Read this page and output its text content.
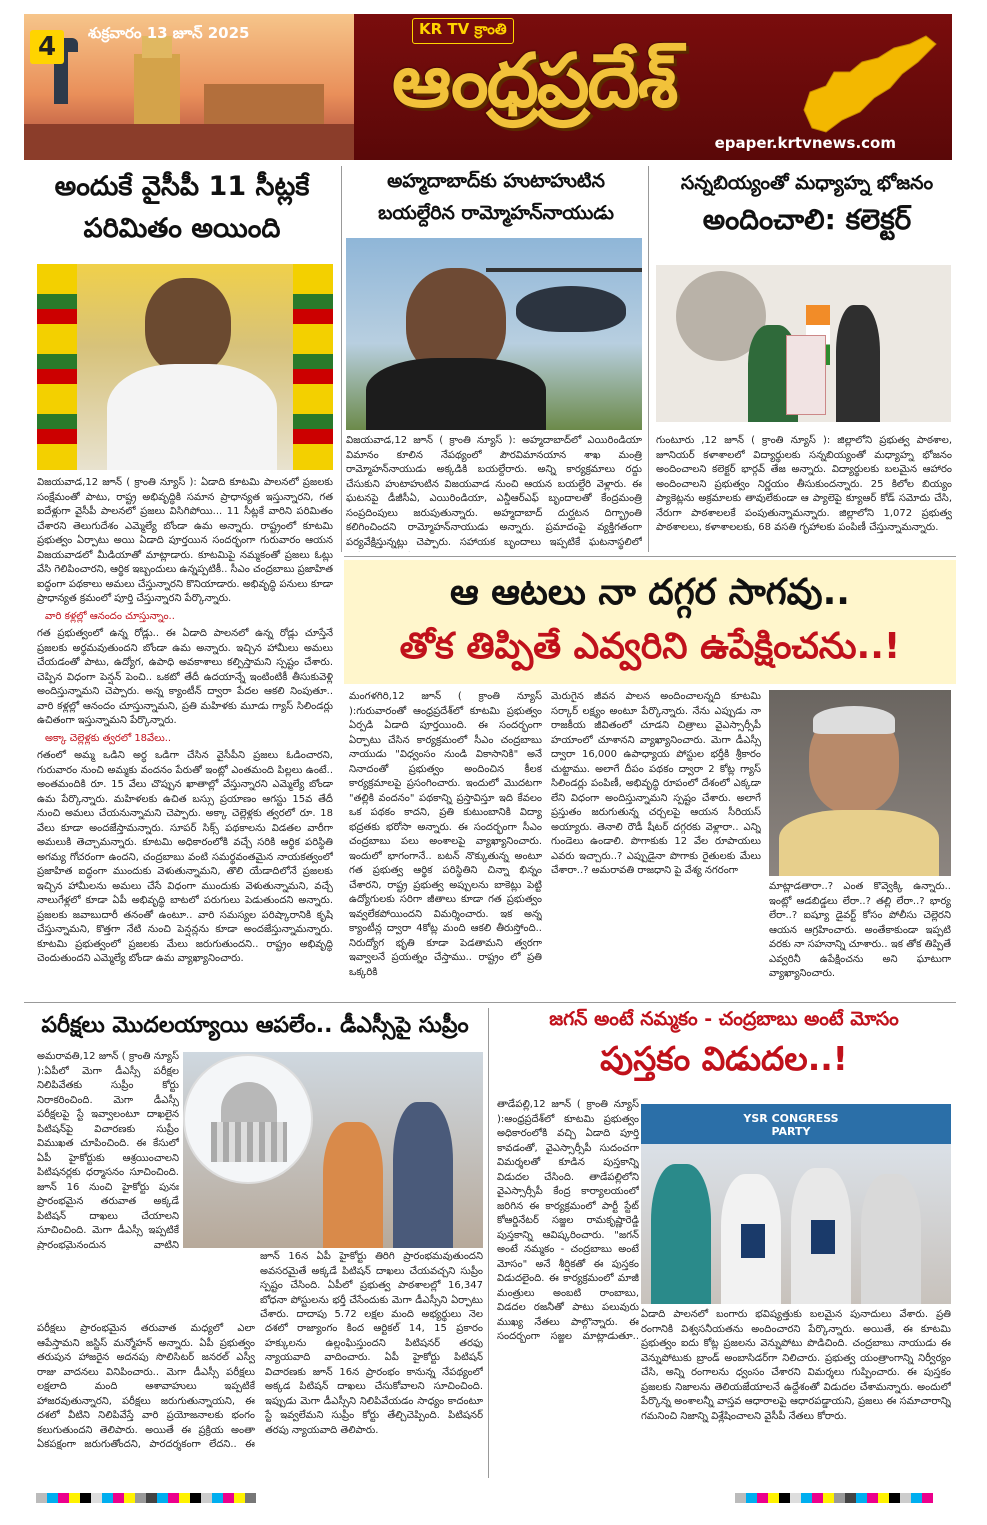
4	శుక్రవారం 13 జూన్ 2025	KR TV క్రాంతి
ఆంధ్రప్రదేశ్
epaper.krtvnews.com
అందుకే వైసీపీ 11 సీట్లకే
పరిమితం అయింది
విజయవాడ,12 జూన్ ( క్రాంతి న్యూస్ ): ఏడాది కూటమి పాలనలో ప్రజలకు సంక్షేమంతో పాటు, రాష్ట్ర అభివృద్ధికి సమాన ప్రాధాన్యత ఇస్తున్నారని, గత ఐదేళ్లుగా వైసీపీ పాలనలో ప్రజలు విసిగిపోయి... 11 సీట్లకే వారిని పరిమితం చేశారని తెలుగుదేశం ఎమ్మెల్యే బోండా ఉమ అన్నారు. రాష్ట్రంలో కూటమి ప్రభుత్వం ఏర్పాటు అయి ఏడాది పూర్తయిన సందర్భంగా గురువారం ఆయన విజయవాడలో మీడియాతో మాట్లాడారు. కూటమిపై నమ్మకంతో ప్రజలు ఓట్లు వేసి గెలిపించారని, ఆర్థిక ఇబ్బందులు ఉన్నప్పటికీ.. సీఎం చంద్రబాబు ప్రజాహిత ఐద్ధంగా పథకాలు అమలు చేస్తున్నారని కొనియాడారు. అభివృద్ధి పనులు కూడా ప్రాధాన్యత క్రమంలో పూర్తి చేస్తున్నారని పేర్కొన్నారు.
వారి కళ్లల్లో ఆనందం చూస్తున్నాం..
గత ప్రభుత్వంలో ఉన్న రోడ్లు.. ఈ ఏడాది పాలనలో ఉన్న రోడ్లు చూస్తేనే ప్రజలకు అర్థమవుతుందని బోండా ఉమ అన్నారు. ఇచ్చిన హామీలు అమలు చేయడంతో పాటు, ఉద్యోగ, ఉపాధి అవకాశాలు కల్పిస్తామని స్పష్టం చేశారు. చెప్పిన విధంగా పెన్షన్ పెంచి.. ఒకటో తేదీ ఉదయాన్నే ఇంటింటికీ తీసుకువెళ్లి అందిస్తున్నామని చెప్పారు. అన్న క్యాంటీన్ ద్వారా పేదల ఆకలి నింపుతూ.. వారి కళ్లల్లో ఆనందం చూస్తున్నామని, ప్రతి మహిళకు మూడు గ్యాస్ సిలిండర్లు ఉచితంగా ఇస్తున్నామని పేర్కొన్నారు.
అక్కా చెల్లెళ్లకు త్వరలో 18వేలు..
గతంలో అమ్మ ఒడిని అర్ధ ఒడిగా చేసిన వైసీపీని ప్రజలు ఓడించారని, గురువారం నుంచి అమ్మకు వందనం పేరుతో ఇంట్లో ఎంతమంది పిల్లలు ఉంటే.. అంతమందికి రూ. 15 వేలు చొప్పున ఖాతాల్లో వేస్తున్నారని ఎమ్మెల్యే బోండా ఉమ పేర్కొన్నారు. మహిళలకు ఉచిత బస్సు ప్రయాణం ఆగస్టు 15వ తేదీ నుంచి అమలు చేయనున్నామని చెప్పారు. అక్కా చెల్లెళ్లకు త్వరలో రూ. 18 వేలు కూడా అందజేస్తామన్నారు. సూపర్ సిక్స్ పథకాలను విడతల వారీగా అమలుకి తెచ్చామన్నారు. కూటమి అధికారంలోకి వచ్చే సరికి ఆర్థిక పరిస్థితి అగమ్య గోచరంగా ఉందని, చంద్రబాబు వంటి సమర్థవంతమైన నాయకత్వంలో ప్రజాహిత ఐద్ధంగా ముందుకు వెళుతున్నామని, తొలి యేడాదిలోనే ప్రజలకు ఇచ్చిన హామీలను అమలు చేసే విధంగా ముందుకు వెళుతున్నామని, వచ్చే నాలుగేళ్లలో కూడా ఏపీ అభివృద్ధి బాటలో పరుగులు పెడుతుందని అన్నారు. ప్రజలకు జవాబుదారీ తనంతో ఉంటూ.. వారి సమస్యల పరిష్కారానికి కృషి చేస్తున్నామని, కొత్తగా నేటి నుంచి పెన్షన్లను కూడా అందజేస్తున్నామన్నారు. కూటమి ప్రభుత్వంలో ప్రజలకు మేలు జరుగుతుందని.. రాష్ట్రం అభివృద్ధి చెందుతుందని ఎమ్మెల్యే బోండా ఉమ వ్యాఖ్యానించారు.
అహ్మదాబాద్‌కు హుటాహుటిన
బయల్దేరిన రామ్మోహన్‌నాయుడు
విజయవాడ,12 జూన్ ( క్రాంతి న్యూస్ ): అహ్మదాబాద్‌లో ఎయిరిండియా విమానం కూలిన నేపథ్యంలో పౌరవిమానయాన శాఖ మంత్రి రామ్మోహన్‌నాయుడు అక్కడికి బయల్దేరారు. అన్ని కార్యక్రమాలు రద్దు చేసుకుని హుటాహుటిన విజయవాడ నుంచి ఆయన బయల్దేరి వెళ్లారు. ఈ ఘటనపై డీజీసీఏ, ఎయిరిండియా, ఎన్డీఆర్ఎఫ్ బృందాలతో కేంద్రమంత్రి సంప్రదింపులు జరుపుతున్నారు. అహ్మదాబాద్ దుర్ఘటన దిగ్భ్రాంతి కలిగించిందని రామ్మోహన్‌నాయుడు అన్నారు. ప్రమాదంపై వ్యక్తిగతంగా పర్యవేక్షిస్తున్నట్లు చెప్పారు. సహాయక బృందాలు ఇప్పటికే ఘటనాస్థలిలో
సన్నబియ్యంతో మధ్యాహ్న భోజనం
అందించాలి: కలెక్టర్
గుంటూరు ,12 జూన్ ( క్రాంతి న్యూస్ ): జిల్లాలోని ప్రభుత్వ పాఠశాల, జూనియర్ కళాశాలలో విద్యార్థులకు సన్నబియ్యంతో మధ్యాహ్న భోజనం అందించాలని కలెక్టర్ భార్గవ్ తేజ అన్నారు. విద్యార్థులకు బలమైన ఆహారం అందించాలని ప్రభుత్వం నిర్ణయం తీసుకుందన్నారు. 25 కిలోల బియ్యం ప్యాకెట్లను అక్రమాలకు తావులేకుండా ఆ ప్యాలెపై క్యూఆర్ కోడ్‌ సమోదు చేసి, నేరుగా పాఠశాలలకే పంపుతున్నామన్నారు. జిల్లాలోని 1,072 ప్రభుత్వ పాఠశాలలు, కళాశాలలకు, 68 వసతి గృహాలకు పంపిణీ చేస్తున్నామన్నారు.
ఆ ఆటలు నా దగ్గర సాగవు..
తోక తిప్పితే ఎవ్వరిని ఉపేక్షించను..!
మంగళగిరి,12 జూన్ ( క్రాంతి న్యూస్ ):గురువారంతో ఆంధ్రప్రదేశ్‌లో కూటమి ప్రభుత్వం ఏర్పడి ఏడాది పూర్తయింది. ఈ సందర్భంగా ఏర్పాటు చేసిన కార్యక్రమంలో సీఎం చంద్రబాబు నాయుడు "విధ్వంసం నుండి వికాసానికి" అనే నినాదంతో ప్రభుత్వం అందించిన కీలక కార్యక్రమాలపై ప్రసంగించారు. ఇందులో మొదటగా "తల్లికి వందనం" పథకాన్ని ప్రస్తావిస్తూ ఇది కేవలం ఒక పథకం కాదని, ప్రతి కుటుంబానికి విద్యా భద్రతకు భరోసా అన్నారు. ఈ సందర్భంగా సీఎం చంద్రబాబు పలు అంశాలపై వ్యాఖ్యానించారు. ఇందులో భాగంగానే.. బటన్ నొక్కుతున్న అంటూ గత ప్రభుత్వ ఆర్థిక పరిస్థితిని చిన్నా భిన్నం చేశారని, రాష్ట్ర ప్రభుత్వ అప్పులను బాకెట్లు పెట్టి ఉద్యోగులకు సరిగా జీతాలు కూడా గత ప్రభుత్వం ఇవ్వలేకపోయిందని విమర్శించారు. ఇక అన్న క్యాంటీన్ల ద్వారా 4కోట్ల మంది ఆకలి తీరుస్తోంది.. నిరుద్యోగ భృతి కూడా పెడతామని త్వరగా ఇవ్వాలనే ప్రయత్నం చేస్తాము.. రాష్ట్రం లో ప్రతి ఒక్కరికి
మెరుగైన జీవన పాలన అందించాలన్నది కూటమి సర్కార్ లక్ష్యం అంటూ పేర్కొన్నారు. నేను ఎప్పుడు నా రాజకీయ జీవితంలో చూడని చిత్రాలు వైఎస్సార్సీపీ హయాంలో చూశానని వ్యాఖ్యానించారు. మెగా డీఎస్సీ ద్వారా 16,000 ఉపాధ్యాయ పోస్టుల భర్తీకి శ్రీకారం చుట్టాము. అలాగే దీపం పథకం ద్వారా 2 కోట్ల గ్యాస్ సిలిండర్లు పంపిణీ, అభివృద్ధి రూపంలో దేశంలో ఎక్కడా లేని విధంగా అందిస్తున్నామని స్పష్టం చేశారు. అలాగే ప్రస్తుతం జరుగుతున్న చర్చలపై ఆయన సీరియస్ అయ్యారు. తెనాలి రౌడీ షీటర్ దగ్గరకు వెళ్లారా.. ఎన్ని గుండెలు ఉండాలి. పొగాకుకు 12 వేల రూపాయలు ఎవరు ఇచ్చారు..? ఎప్పుడైనా పొగాకు రైతులకు మేలు చేశారా..? అమరావతి రాజధాని పై వేశ్య నగరంగా
మాట్లాడతారా..? ఎంత కొవ్వెక్కి ఉన్నారు.. ఇంట్లో ఆడబిడ్డలు లేరా..? తల్లి లేరా..? భార్య లేరా..? ఐష్యూ డైవర్ట్ కోసం పోలీసు చెల్లెరని ఆయన ఆగ్రహించారు. అంతేకాకుండా ఇప్పటి వరకు నా సహనాన్ని చూశారు.. ఇక తోక తిప్పితే ఎవ్వరినీ ఉపేక్షించను అని ఘాటుగా వ్యాఖ్యానించారు.
పరీక్షలు మొదలయ్యాయి ఆపలేం.. డీఎస్సీపై సుప్రీం
అమరావతి,12 జూన్ ( క్రాంతి న్యూస్ ):ఏపీలో మెగా డీఎస్సీ పరీక్షల నిలిపివేతకు సుప్రీం కోర్టు నిరాకరించింది. మెగా డీఎస్సీ పరీక్షలపై స్టే ఇవ్వాలంటూ దాఖలైన పిటిషన్‌పై విచారణకు సుప్రీం విముఖత చూపించింది. ఈ కేసులో ఏపీ హైకోర్టుకు ఆశ్రయించాలని పిటిషనర్లకు ధర్మాసనం సూచించింది. జూన్ 16 నుంచి హైకోర్టు పునః ప్రారంభమైన తరువాత అక్కడే పిటిషన్ దాఖలు చేయాలని సూచించింది. మెగా డీఎస్సీ ఇప్పటికే ప్రారంభమైనందున వాటిని
జూన్ 16న ఏపీ హైకోర్టు తిరిగి ప్రారంభమవుతుందని అవసరమైతే అక్కడే పిటిషన్ దాఖలు చేయవచ్చని సుప్రీం స్పష్టం చేసింది. ఏపీలో ప్రభుత్వ పాఠశాలల్లో 16,347 బోధనా పోస్టులను భర్తీ చేసేందుకు మెగా డీఎస్సీని ఏర్పాటు చేశారు. దాదాపు 5.72 లక్షల మంది అభ్యర్థులు నెల
పరీక్షలు ప్రారంభమైన తరువాత మధ్యలో ఎలా ఆపేస్తామని జస్టిస్ మన్మోహన్ అన్నారు. ఏపీ ప్రభుత్వం తరుపున హాజరైన అదనపు సొలిసిటర్ జనరల్ ఎస్వీ రాజు వాదనలు వినిపించారు.. మెగా డీఎస్సీ పరీక్షలు లక్షలాది మంది ఆశావాహులు ఇప్పటికే హాజరవుతున్నారని, పరీక్షలు జరుగుతున్నాయని, ఈ దశలో వీటిని నిలిపివేస్తే వారి ప్రయోజనాలకు భంగం కలుగుతుందని తెలిపారు. అయితే ఈ ప్రక్రియ అంతా ఏకపక్షంగా జరుగుతోందని, పారదర్శకంగా లేదని.. ఈ దశలో రాజ్యాంగం కింద ఆర్టికల్ 14, 15 ప్రకారం హక్కులను ఉల్లంఘిస్తుందని పిటిషనర్ తరఫు న్యాయవాది వాదించారు. ఏపీ హైకోర్టు పిటిషన్ విచారణకు జూన్ 16న ప్రారంభం కానున్న నేపథ్యంలో అక్కడ పిటిషన్ దాఖలు చేసుకోవాలని సూచించింది. ఇప్పుడు మెగా డీఎస్సీని నిలిపివేయడం సాధ్యం కాదంటూ స్టే ఇవ్వలేమని సుప్రీం కోర్టు తేల్చిచెప్పింది. పిటిషనర్ తరపు న్యాయవాది తెలిపారు.
జగన్ అంటే నమ్మకం - చంద్రబాబు అంటే మోసం
పుస్తకం విడుదల..!
తాడేపల్లి,12 జూన్ ( క్రాంతి న్యూస్ ):ఆంధ్రప్రదేశ్‌లో కూటమి ప్రభుత్వం అధికారంలోకి వచ్చి ఏడాది పూర్తి కావడంతో, వైఎస్సార్సీపీ సుదంచగా విమర్శలతో కూడిన పుస్తకాన్ని విడుదల చేసింది. తాడేపల్లిలోని వైఎస్సార్సీపీ కేంద్ర కార్యాలయంలో జరిగిన ఈ కార్యక్రమంలో పార్టీ స్టేట్ కోఆర్డినేటర్ సజ్జల రామకృష్ణారెడ్డి పుస్తకాన్ని ఆవిష్కరించారు. "జగన్ అంటే నమ్మకం - చంద్రబాబు అంటే మోసం" అనే శీర్షికతో ఈ పుస్తకం విడుదలైంది. ఈ కార్యక్రమంలో మాజీ మంత్రులు అంబటి రాంబాబు, విడదల రజనీతో పాటు పలువురు ముఖ్య నేతలు పాల్గొన్నారు. ఈ సందర్భంగా సజ్జల మాట్లాడుతూ..
YSR CONGRESS PARTY
ఏడాది పాలనలో బంగారు భవిష్యత్తుకు బలమైన పునాదులు వేశారు. ప్రతి రంగానికి విశ్వసనీయతను అందించారని పేర్కొన్నారు. అయితే, ఈ కూటమి ప్రభుత్వం ఐదు కోట్ల ప్రజలను వెన్నుపోటు పొడిచింది. చంద్రబాబు నాయుడు ఈ వెన్నుపోటుకు బ్రాండ్ అంబాసిడర్‌గా నిలిచారు. ప్రభుత్వ యంత్రాంగాన్ని నిర్వీర్యం చేసి, అన్ని రంగాలను ధ్వంసం చేశారని విమర్శలు గుప్పించారు. ఈ పుస్తకం ప్రజలకు నిజాలను తెలియజేయాలనే ఉద్దేశంతో విడుదల చేశామన్నారు. అందులో పేర్కొన్న అంశాలన్నీ వాస్తవ ఆధారాలపై ఆధారపడ్డాయని, ప్రజలు ఈ సమాచారాన్ని గమనించి నిజాన్ని విశ్లేషించాలని వైసీపీ నేతలు కోరారు.
